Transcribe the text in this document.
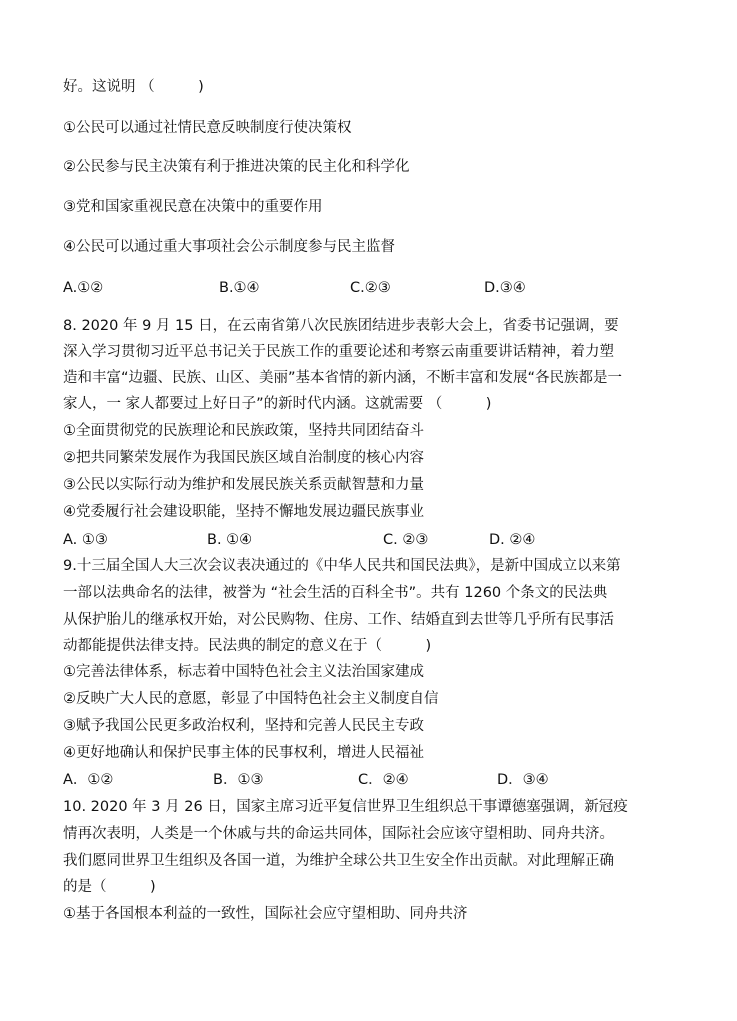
好。这说明 （　　　)
①公民可以通过社情民意反映制度行使决策权
②公民参与民主决策有利于推进决策的民主化和科学化
③党和国家重视民意在决策中的重要作用
④公民可以通过重大事项社会公示制度参与民主监督
A.①②	B.①④	C.②③	D.③④
8. 2020 年 9 月 15 日，在云南省第八次民族团结进步表彰大会上，省委书记强调，要
深入学习贯彻习近平总书记关于民族工作的重要论述和考察云南重要讲话精神，着力塑
造和丰富“边疆、民族、山区、美丽”基本省情的新内涵，不断丰富和发展“各民族都是一
家人，一 家人都要过上好日子”的新时代内涵。这就需要 （　　　)
①全面贯彻党的民族理论和民族政策，坚持共同团结奋斗
②把共同繁荣发展作为我国民族区域自治制度的核心内容
③公民以实际行动为维护和发展民族关系贡献智慧和力量
④党委履行社会建设职能，坚持不懈地发展边疆民族事业
A. ①③	B. ①④	C. ②③	D. ②④
9.十三届全国人大三次会议表决通过的《中华人民共和国民法典》，是新中国成立以来第
一部以法典命名的法律，被誉为 “社会生活的百科全书”。共有 1260 个条文的民法典
从保护胎儿的继承权开始，对公民购物、住房、工作、结婚直到去世等几乎所有民事活
动都能提供法律支持。民法典的制定的意义在于（　　　)
①完善法律体系，标志着中国特色社会主义法治国家建成
②反映广大人民的意愿，彰显了中国特色社会主义制度自信
③赋予我国公民更多政治权利，坚持和完善人民民主专政
④更好地确认和保护民事主体的民事权利，增进人民福祉
A．①②	B．①③	C．②④	D．③④
10. 2020 年 3 月 26 日，国家主席习近平复信世界卫生组织总干事谭德塞强调，新冠疫
情再次表明，人类是一个休戚与共的命运共同体，国际社会应该守望相助、同舟共济。
我们愿同世界卫生组织及各国一道，为维护全球公共卫生安全作出贡献。对此理解正确
的是（　　　)
①基于各国根本利益的一致性，国际社会应守望相助、同舟共济
